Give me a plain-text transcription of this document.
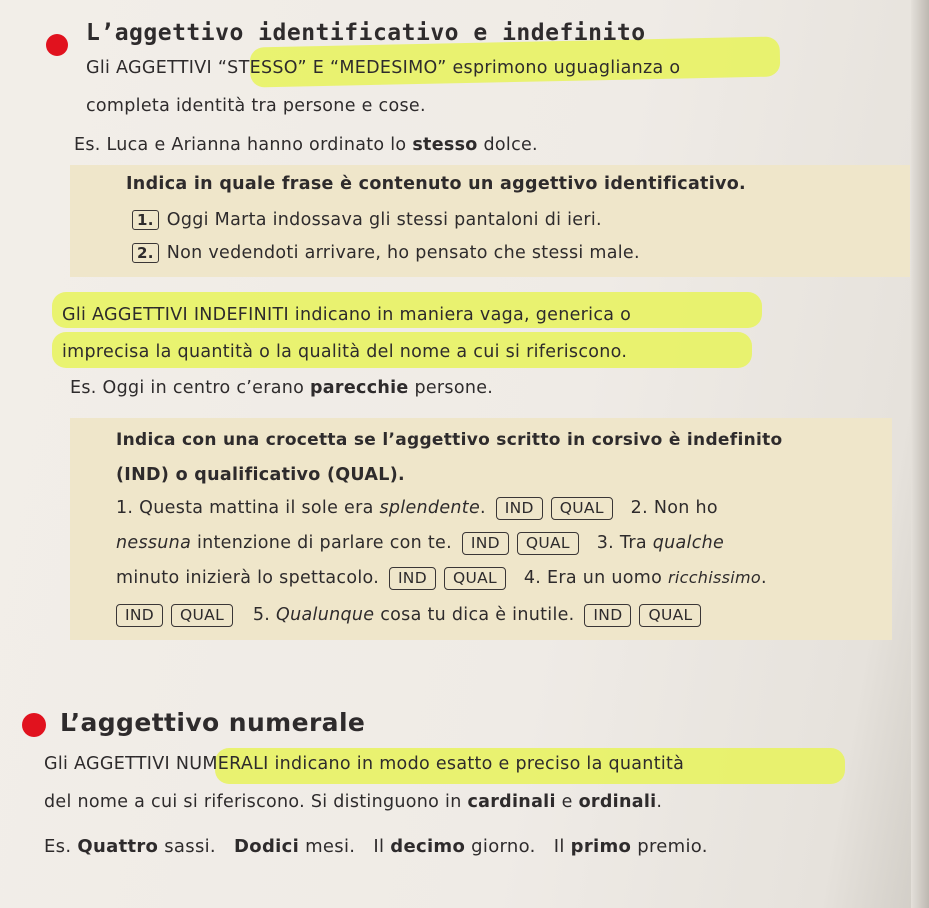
L’aggettivo identificativo e indefinito
Gli AGGETTIVI “STESSO” E “MEDESIMO” esprimono uguaglianza o
completa identità tra persone e cose.
Es. Luca e Arianna hanno ordinato lo stesso dolce.
Indica in quale frase è contenuto un aggettivo identificativo.
1. Oggi Marta indossava gli stessi pantaloni di ieri.
2. Non vedendoti arrivare, ho pensato che stessi male.
Gli AGGETTIVI INDEFINITI indicano in maniera vaga, generica o
imprecisa la quantità o la qualità del nome a cui si riferiscono.
Es. Oggi in centro c’erano parecchie persone.
Indica con una crocetta se l’aggettivo scritto in corsivo è indefinito
(IND) o qualificativo (QUAL).
1. Questa mattina il sole era splendente. IND QUAL 2. Non ho
nessuna intenzione di parlare con te. IND QUAL 3. Tra qualche
minuto inizierà lo spettacolo. IND QUAL 4. Era un uomo ricchissimo.
IND QUAL 5. Qualunque cosa tu dica è inutile. IND QUAL
L’aggettivo numerale
Gli AGGETTIVI NUMERALI indicano in modo esatto e preciso la quantità
del nome a cui si riferiscono. Si distinguono in cardinali e ordinali.
Es. Quattro sassi. Dodici mesi. Il decimo giorno. Il primo premio.
